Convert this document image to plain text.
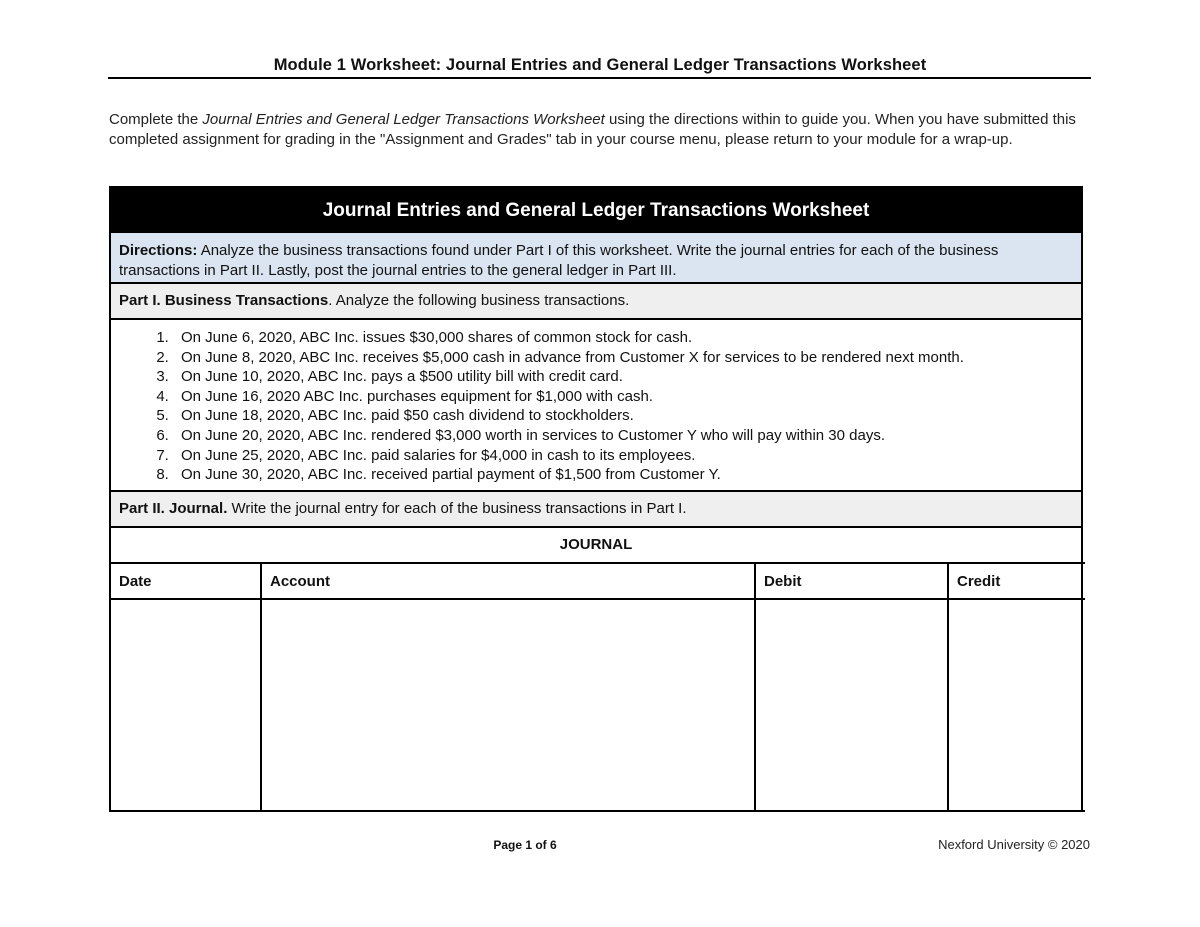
Module 1 Worksheet: Journal Entries and General Ledger Transactions Worksheet
Complete the Journal Entries and General Ledger Transactions Worksheet using the directions within to guide you. When you have submitted this completed assignment for grading in the "Assignment and Grades" tab in your course menu, please return to your module for a wrap-up.
Journal Entries and General Ledger Transactions Worksheet
Directions: Analyze the business transactions found under Part I of this worksheet. Write the journal entries for each of the business transactions in Part II. Lastly, post the journal entries to the general ledger in Part III.
Part I. Business Transactions. Analyze the following business transactions.
1. On June 6, 2020, ABC Inc. issues $30,000 shares of common stock for cash.
2. On June 8, 2020, ABC Inc. receives $5,000 cash in advance from Customer X for services to be rendered next month.
3. On June 10, 2020, ABC Inc. pays a $500 utility bill with credit card.
4. On June 16, 2020 ABC Inc. purchases equipment for $1,000 with cash.
5. On June 18, 2020, ABC Inc. paid $50 cash dividend to stockholders.
6. On June 20, 2020, ABC Inc. rendered $3,000 worth in services to Customer Y who will pay within 30 days.
7. On June 25, 2020, ABC Inc. paid salaries for $4,000 in cash to its employees.
8. On June 30, 2020, ABC Inc. received partial payment of $1,500 from Customer Y.
Part II. Journal. Write the journal entry for each of the business transactions in Part I.
JOURNAL
Date	Account	Debit	Credit

Page 1 of 6	Nexford University © 2020
